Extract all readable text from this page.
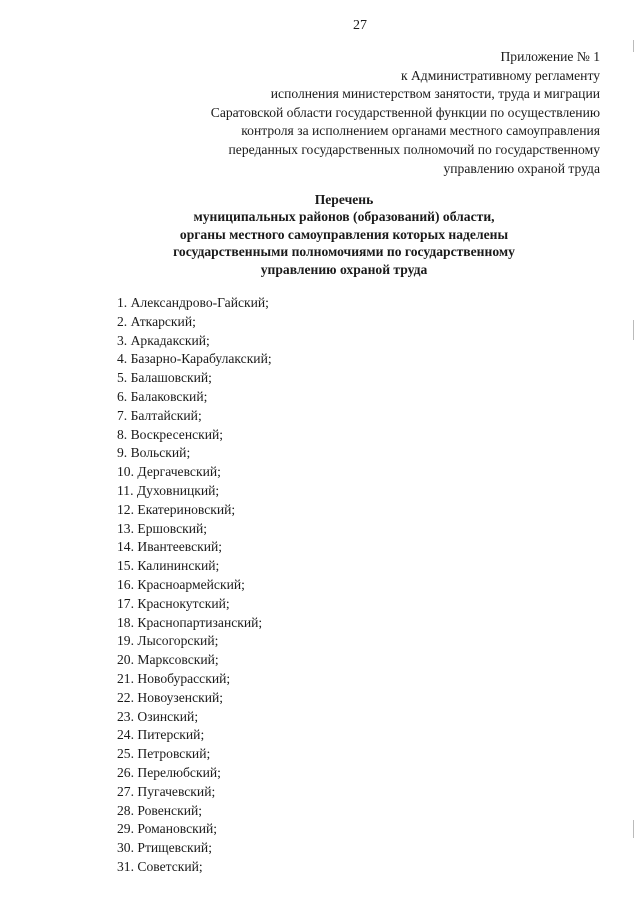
27
Приложение № 1
к Административному регламенту
исполнения министерством занятости, труда и миграции
Саратовской области государственной функции по осуществлению
контроля за исполнением органами местного самоуправления
переданных государственных полномочий по государственному
управлению охраной труда
Перечень
муниципальных районов (образований) области,
органы местного самоуправления которых наделены
государственными полномочиями по государственному
управлению охраной труда
1. Александрово-Гайский;
2. Аткарский;
3. Аркадакский;
4. Базарно-Карабулакский;
5. Балашовский;
6. Балаковский;
7. Балтайский;
8. Воскресенский;
9. Вольский;
10. Дергачевский;
11. Духовницкий;
12. Екатериновский;
13. Ершовский;
14. Ивантеевский;
15. Калининский;
16. Красноармейский;
17. Краснокутский;
18. Краснопартизанский;
19. Лысогорский;
20. Марксовский;
21. Новобурасский;
22. Новоузенский;
23. Озинский;
24. Питерский;
25. Петровский;
26. Перелюбский;
27. Пугачевский;
28. Ровенский;
29. Романовский;
30. Ртищевский;
31. Советский;
